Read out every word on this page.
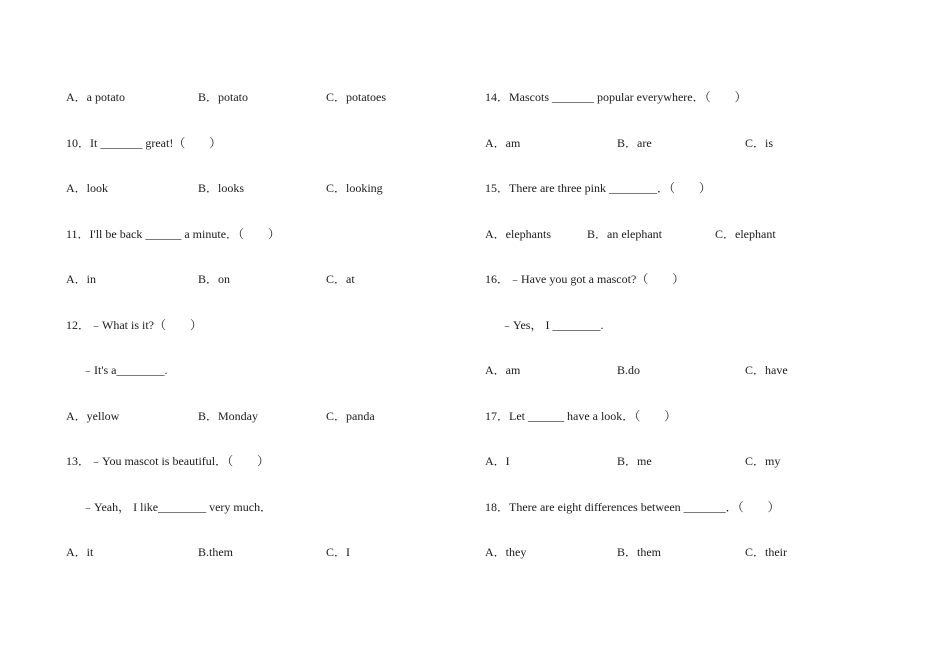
A．a potato

	B．potato

	C．potatoes

10．It _______ great!（　　）

A．look

	B．looks

	C．looking

11．I'll be back ______ a minute．（　　）

A．in

	B．on

	C．at

12．﹣What is it?（　　）

﹣It's a________.

A．yellow

	B．Monday

	C．panda

13．﹣You mascot is beautiful．（　　）

﹣Yeah， I like________ very much．

A．it

	B.them

	C．I

14．Mascots _______ popular everywhere．（　　）

A．am

	B．are

	C．is

15．There are three pink ________．（　　）

A．elephants

	B．an elephant

	C．elephant

16．﹣Have you got a mascot?（　　）

﹣Yes， I ________.

A．am

	B.do

	C．have

17．Let ______ have a look．（　　）

A．I

	B．me

	C．my

18．There are eight differences between _______．（　　）

A．they

	B．them

	C．their
